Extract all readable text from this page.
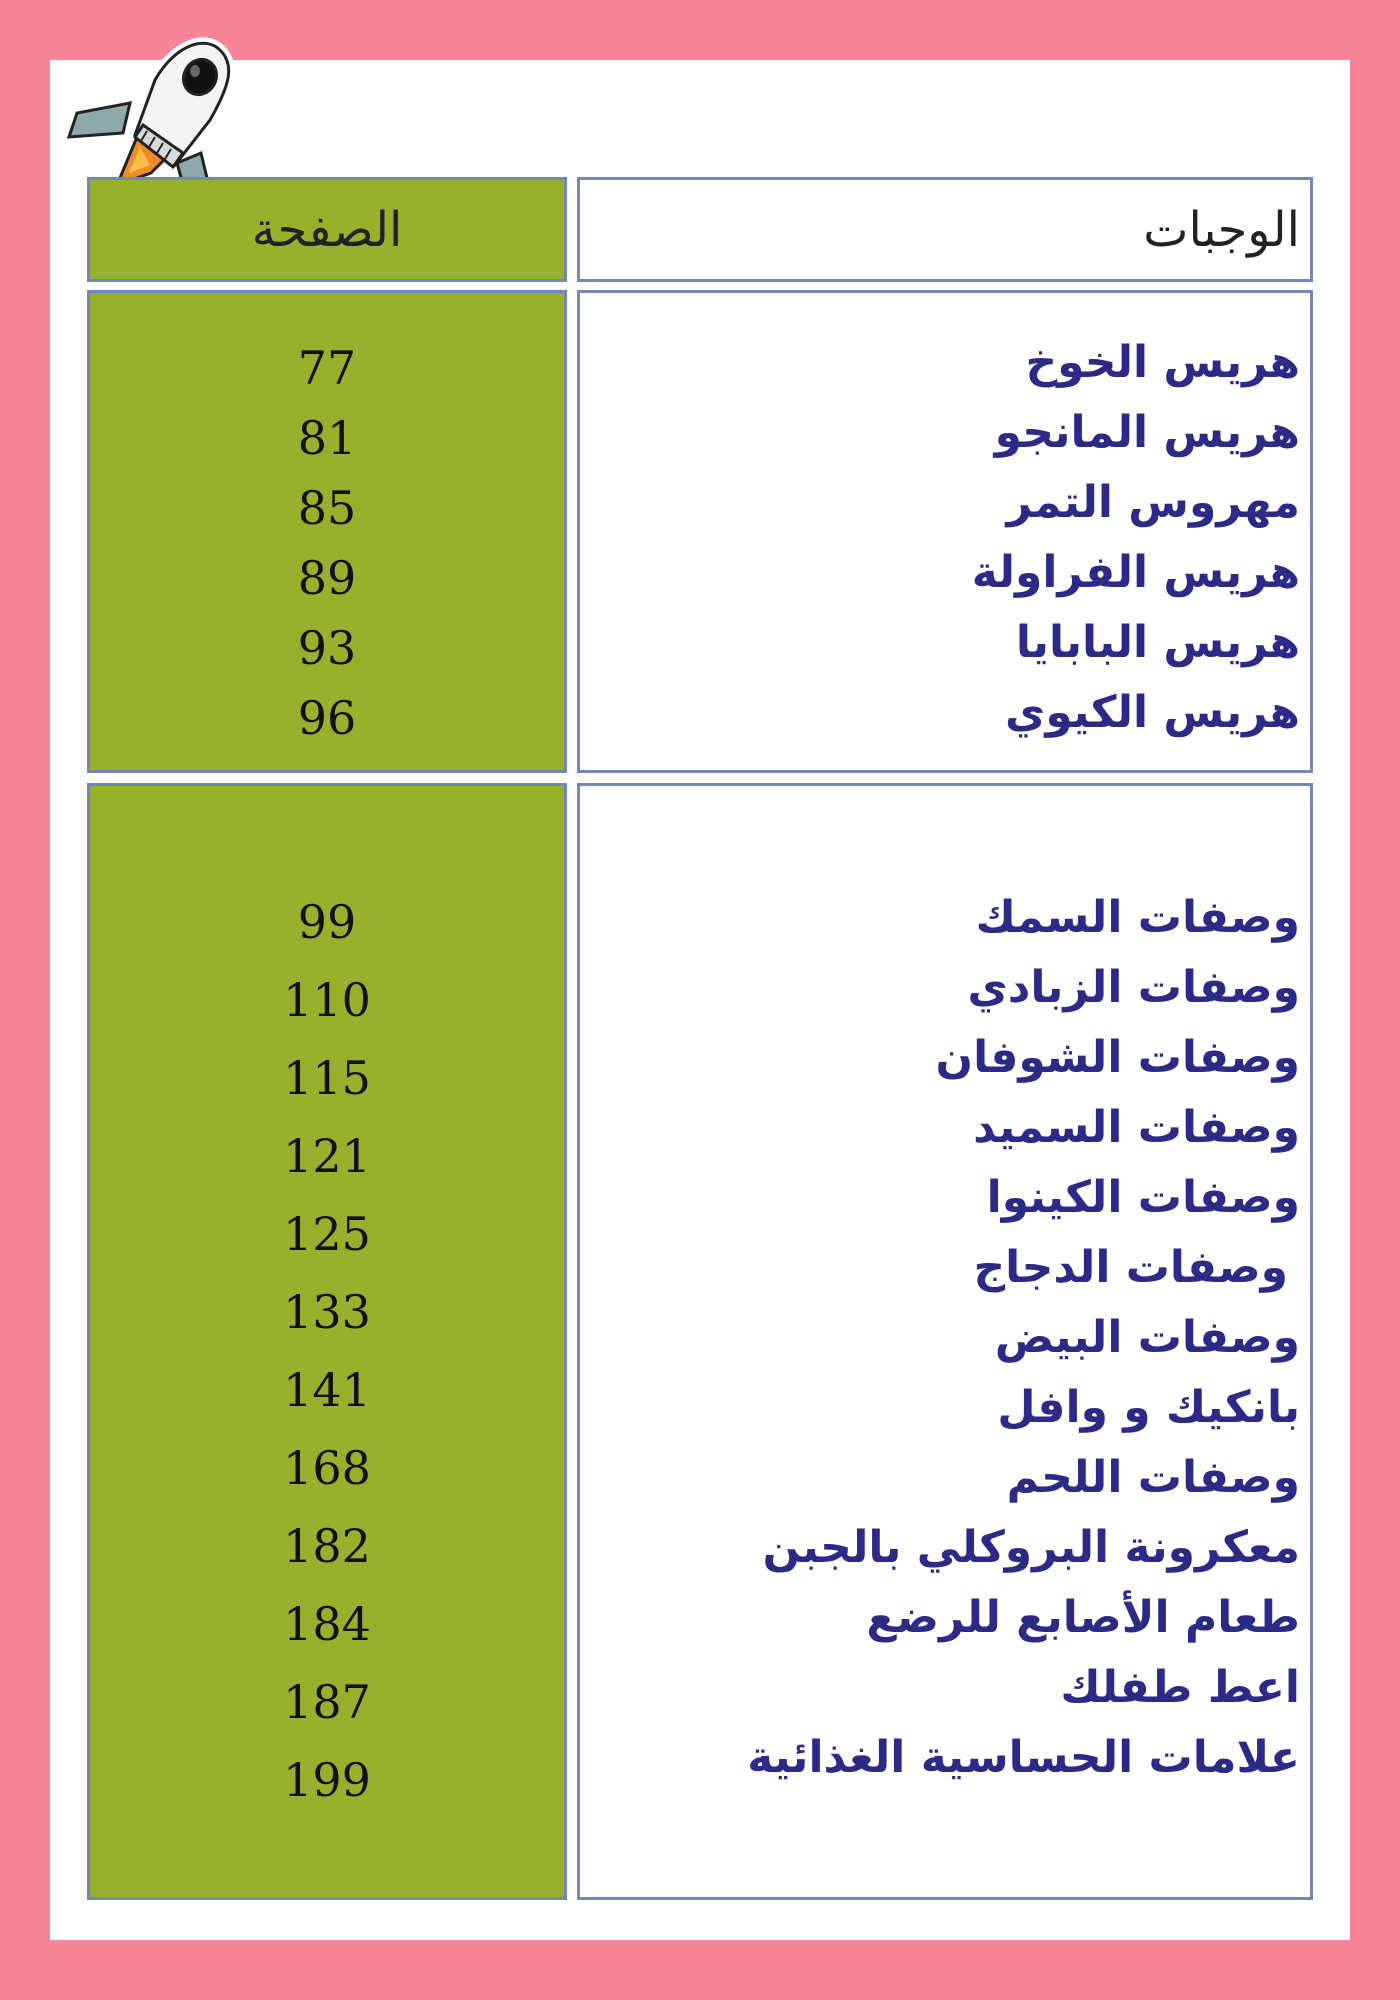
الوجبات
الصفحة
هريس الخوخ
هريس المانجو
مهروس التمر
هريس الفراولة
هريس البابايا
هريس الكيوي
77
81
85
89
93
96
وصفات السمك
وصفات الزبادي
وصفات الشوفان
وصفات السميد
وصفات الكينوا
وصفات الدجاج
وصفات البيض
بانكيك و وافل
وصفات اللحم
معكرونة البروكلي بالجبن
طعام الأصابع للرضع
اعط طفلك
علامات الحساسية الغذائية
99
110
115
121
125
133
141
168
182
184
187
199
